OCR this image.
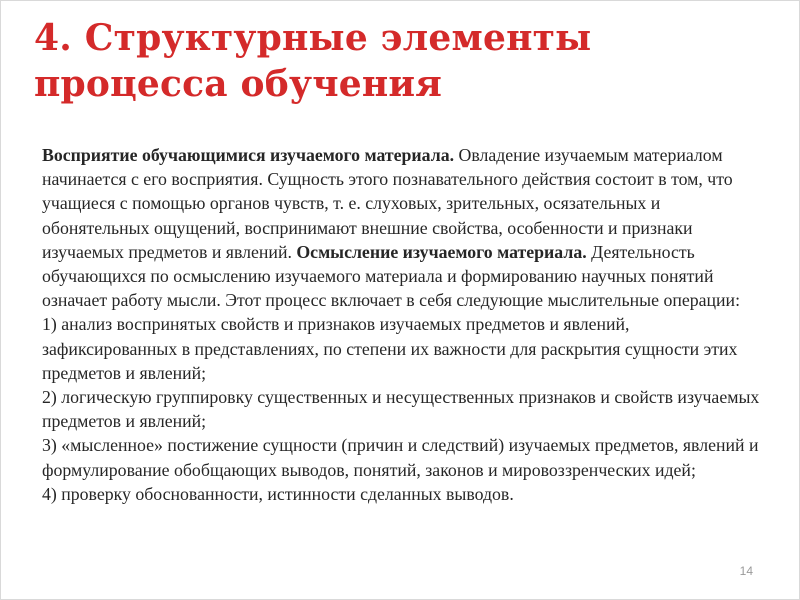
4. Структурные элементы процесса обучения
Восприятие обучающимися изучаемого материала. Овладение изучаемым материалом начинается с его восприятия. Сущность этого познавательного действия состоит в том, что учащиеся с помощью органов чувств, т. е. слуховых, зрительных, осязательных и обонятельных ощущений, воспринимают внешние свойства, особенности и признаки изучаемых предметов и явлений. Осмысление изучаемого материала. Деятельность обучающихся по осмыслению изучаемого материала и формированию научных понятий означает работу мысли. Этот процесс включает в себя следующие мыслительные операции:
1) анализ воспринятых свойств и признаков изучаемых предметов и явлений, зафиксированных в представлениях, по степени их важности для раскрытия сущности этих предметов и явлений;
2) логическую группировку существенных и несущественных признаков и свойств изучаемых предметов и явлений;
3) «мысленное» постижение сущности (причин и следствий) изучаемых предметов, явлений и формулирование обобщающих выводов, понятий, законов и мировоззренческих идей;
4) проверку обоснованности, истинности сделанных выводов.
14
